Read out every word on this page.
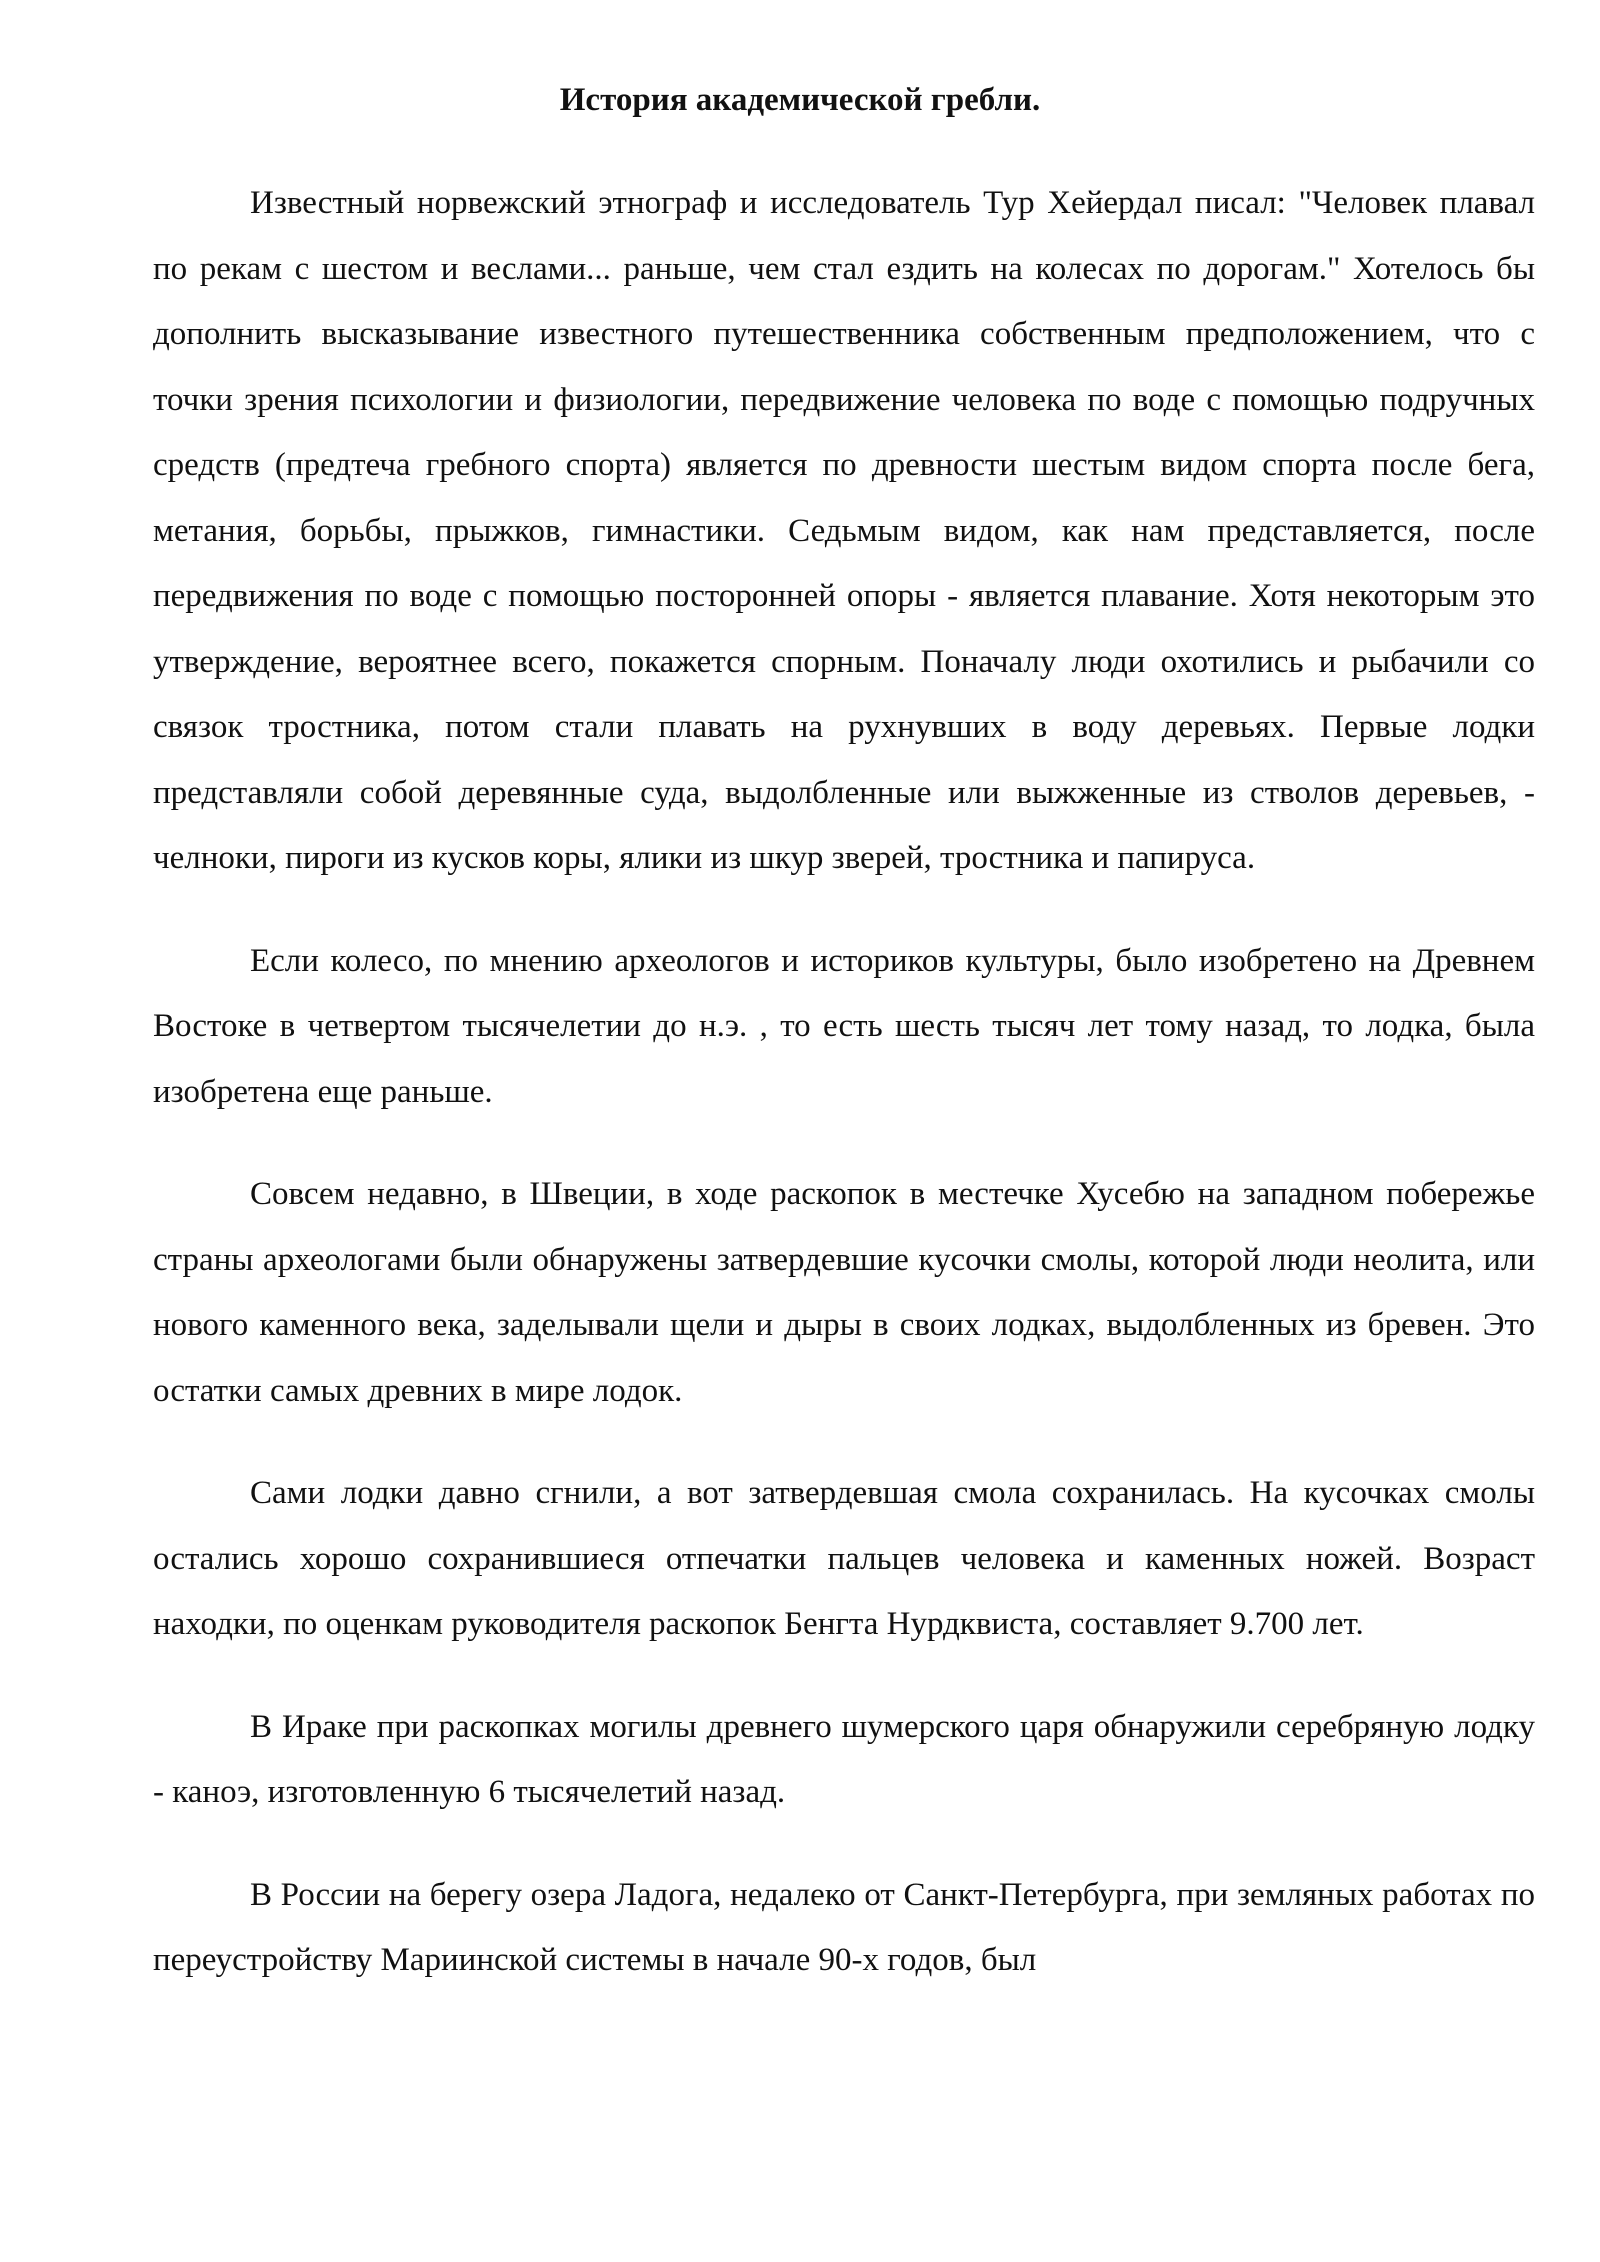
История академической гребли.

Известный норвежский этнограф и исследователь Тур Хейердал писал: "Человек плавал по рекам с шестом и веслами... раньше, чем стал ездить на колесах по дорогам." Хотелось бы дополнить высказывание известного путешественника собственным предположением, что с точки зрения психологии и физиологии, передвижение человека по воде с помощью подручных средств (предтеча гребного спорта) является по древности шестым видом спорта после бега, метания, борьбы, прыжков, гимнастики. Седьмым видом, как нам представляется, после передвижения по воде с помощью посторонней опоры - является плавание. Хотя некоторым это утверждение, вероятнее всего, покажется спорным. Поначалу люди охотились и рыбачили со связок тростника, потом стали плавать на рухнувших в воду деревьях. Первые лодки представляли собой деревянные суда, выдолбленные или выжженные из стволов деревьев, - челноки, пироги из кусков коры, ялики из шкур зверей, тростника и папируса.

Если колесо, по мнению археологов и историков культуры, было изобретено на Древнем Востоке в четвертом тысячелетии до н.э. , то есть шесть тысяч лет тому назад, то лодка, была изобретена еще раньше.

Совсем недавно, в Швеции, в ходе раскопок в местечке Хусебю на западном побережье страны археологами были обнаружены затвердевшие кусочки смолы, которой люди неолита, или нового каменного века, заделывали щели и дыры в своих лодках, выдолбленных из бревен. Это остатки самых древних в мире лодок.

Сами лодки давно сгнили, а вот затвердевшая смола сохранилась. На кусочках смолы остались хорошо сохранившиеся отпечатки пальцев человека и каменных ножей. Возраст находки, по оценкам руководителя раскопок Бенгта Нурдквиста, составляет 9.700 лет.

В Ираке при раскопках могилы древнего шумерского царя обнаружили серебряную лодку - каноэ, изготовленную 6 тысячелетий назад.

В России на берегу озера Ладога, недалеко от Санкт-Петербурга, при земляных работах по переустройству Мариинской системы в начале 90-х годов, был
